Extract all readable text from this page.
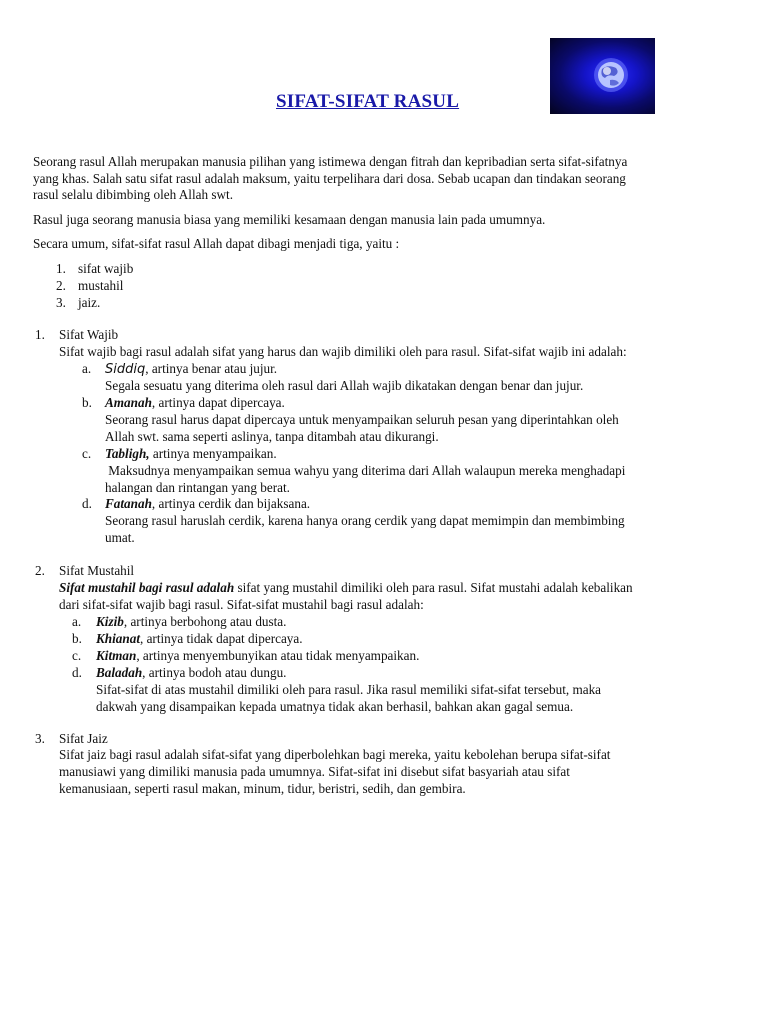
SIFAT-SIFAT RASUL
Seorang rasul Allah merupakan manusia pilihan yang istimewa dengan fitrah dan kepribadian serta sifat-sifatnya
yang khas. Salah satu sifat rasul adalah maksum, yaitu terpelihara dari dosa. Sebab ucapan dan tindakan seorang
rasul selalu dibimbing oleh Allah swt.
Rasul juga seorang manusia biasa yang memiliki kesamaan dengan manusia lain pada umumnya.
Secara umum, sifat-sifat rasul Allah dapat dibagi menjadi tiga, yaitu :
1. sifat wajib
2. mustahil
3. jaiz.
1. Sifat Wajib
Sifat wajib bagi rasul adalah sifat yang harus dan wajib dimiliki oleh para rasul. Sifat-sifat wajib ini adalah:
a. Siddiq, artinya benar atau jujur.
Segala sesuatu yang diterima oleh rasul dari Allah wajib dikatakan dengan benar dan jujur.
b. Amanah, artinya dapat dipercaya.
Seorang rasul harus dapat dipercaya untuk menyampaikan seluruh pesan yang diperintahkan oleh
Allah swt. sama seperti aslinya, tanpa ditambah atau dikurangi.
c. Tabligh, artinya menyampaikan.
Maksudnya menyampaikan semua wahyu yang diterima dari Allah walaupun mereka menghadapi
halangan dan rintangan yang berat.
d. Fatanah, artinya cerdik dan bijaksana.
Seorang rasul haruslah cerdik, karena hanya orang cerdik yang dapat memimpin dan membimbing
umat.
2. Sifat Mustahil
Sifat mustahil bagi rasul adalah sifat yang mustahil dimiliki oleh para rasul. Sifat mustahi adalah kebalikan
dari sifat-sifat wajib bagi rasul. Sifat-sifat mustahil bagi rasul adalah:
a. Kizib, artinya berbohong atau dusta.
b. Khianat, artinya tidak dapat dipercaya.
c. Kitman, artinya menyembunyikan atau tidak menyampaikan.
d. Baladah, artinya bodoh atau dungu.
Sifat-sifat di atas mustahil dimiliki oleh para rasul. Jika rasul memiliki sifat-sifat tersebut, maka
dakwah yang disampaikan kepada umatnya tidak akan berhasil, bahkan akan gagal semua.
3. Sifat Jaiz
Sifat jaiz bagi rasul adalah sifat-sifat yang diperbolehkan bagi mereka, yaitu kebolehan berupa sifat-sifat
manusiawi yang dimiliki manusia pada umumnya. Sifat-sifat ini disebut sifat basyariah atau sifat
kemanusiaan, seperti rasul makan, minum, tidur, beristri, sedih, dan gembira.
